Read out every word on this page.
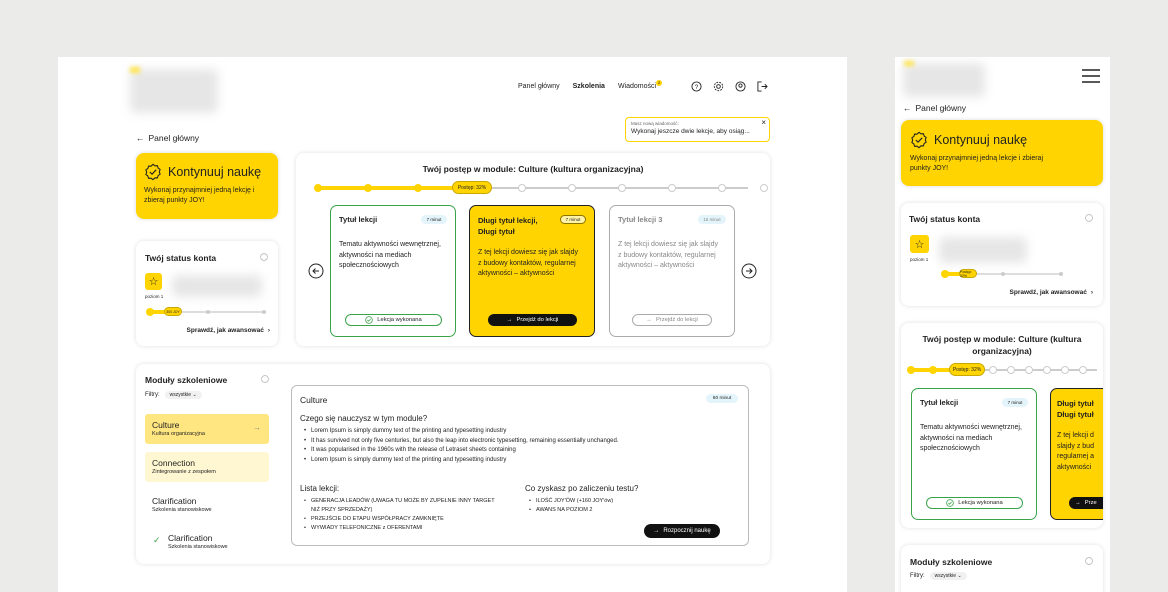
Panel główny Szkolenia Wiadomości 2
?
Masz nową wiadomość:
Wykonaj jeszcze dwie lekcje, aby osiąg...
×
← Panel główny
Kontynuuj naukę
Wykonaj przynajmniej jedną lekcję i zbieraj punkty JOY!
Twój status konta
☆
poziom 1
300 JOY
Sprawdź, jak awansować ›
Twój postęp w module: Culture (kultura organizacyjna)
Postęp: 32%
Tytuł lekcji	7 minut
Tematu aktywności wewnętrznej, aktywności na mediach społecznościowych
Lekcja wykonana
Długi tytuł lekcji, Długi tytuł
7 minut
Z tej lekcji dowiesz się jak slajdy z budowy kontaktów, regularnej aktywności – aktywności
→ Przejdź do lekcji
Tytuł lekcji 3	16 minut
Z tej lekcji dowiesz się jak slajdy z budowy kontaktów, regularnej aktywności – aktywności
→ Przejdź do lekcji
Moduły szkoleniowe
Filtry:	wszystkie ⌄
Culture
Kultura organizacyjna
→
Connection
Zintegrowanie z zespołem
Clarification
Szkolenia stanowiskowe
✓ Clarification
Szkolenia stanowiskowe
Culture	60 minut
Czego się nauczysz w tym module?
• Lorem Ipsum is simply dummy text of the printing and typesetting industry
• It has survived not only five centuries, but also the leap into electronic typesetting, remaining essentially unchanged.
• It was popularised in the 1960s with the release of Letraset sheets containing
• Lorem Ipsum is simply dummy text of the printing and typesetting industry
Lista lekcji:
• GENERACJA LEADÓW (UWAGA TU MOŻE BY ZUPEŁNIE INNY TARGET NIŻ PRZY SPRZEDAŻY)
• PRZEJŚCIE DO ETAPU WSPÓŁPRACY ZAMKNIĘTE
• WYWIADY TELEFONICZNE z OFERENTAMI
Co zyskasz po zaliczeniu testu?
• ILOŚĆ JOY'ÓW (+160 JOY'ów)
• AWANS NA POZIOM 2
→ Rozpocznij naukę
← Panel główny
Kontynuuj naukę
Wykonaj przynajmniej jedną lekcje i zbieraj punkty JOY!
Twój status konta
☆
poziom 1
Postęp: 32%
Sprawdź, jak awansować ›
Twój postęp w module: Culture (kultura organizacyjna)
Postęp: 32%
Tytuł lekcji	7 minut
Tematu aktywności wewnętrznej, aktywności na mediach społecznościowych
Lekcja wykonana
Długi tytuł Długi tytuł
Z tej lekcji d slajdy z bud regularnej a aktywności
→ Prze
Moduły szkoleniowe
Filtry:	wszystkie ⌄
